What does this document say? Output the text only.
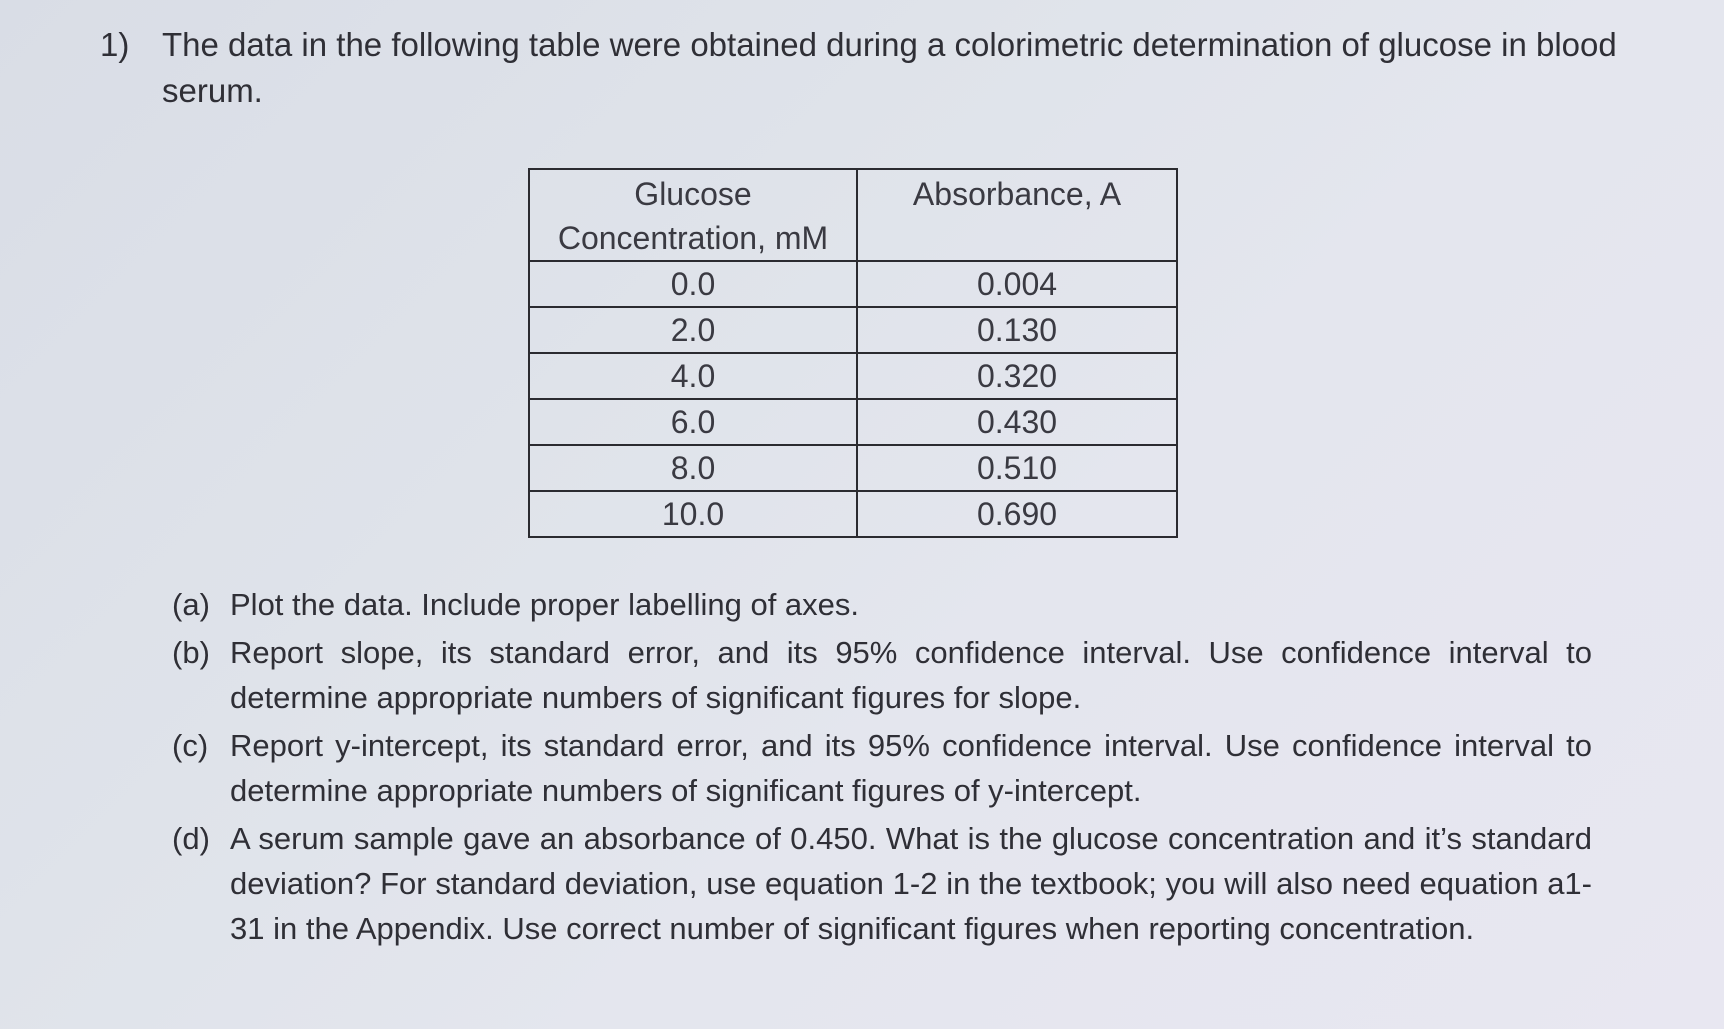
1) The data in the following table were obtained during a colorimetric determination of glucose in blood serum.
Glucose Concentration, mM	Absorbance, A
0.0	0.004
2.0	0.130
4.0	0.320
6.0	0.430
8.0	0.510
10.0	0.690
(a) Plot the data. Include proper labelling of axes.
(b) Report slope, its standard error, and its 95% confidence interval. Use confidence interval to determine appropriate numbers of significant figures for slope.
(c) Report y-intercept, its standard error, and its 95% confidence interval. Use confidence interval to determine appropriate numbers of significant figures of y-intercept.
(d) A serum sample gave an absorbance of 0.450. What is the glucose concentration and it’s standard deviation? For standard deviation, use equation 1-2 in the textbook; you will also need equation a1-31 in the Appendix. Use correct number of significant figures when reporting concentration.
